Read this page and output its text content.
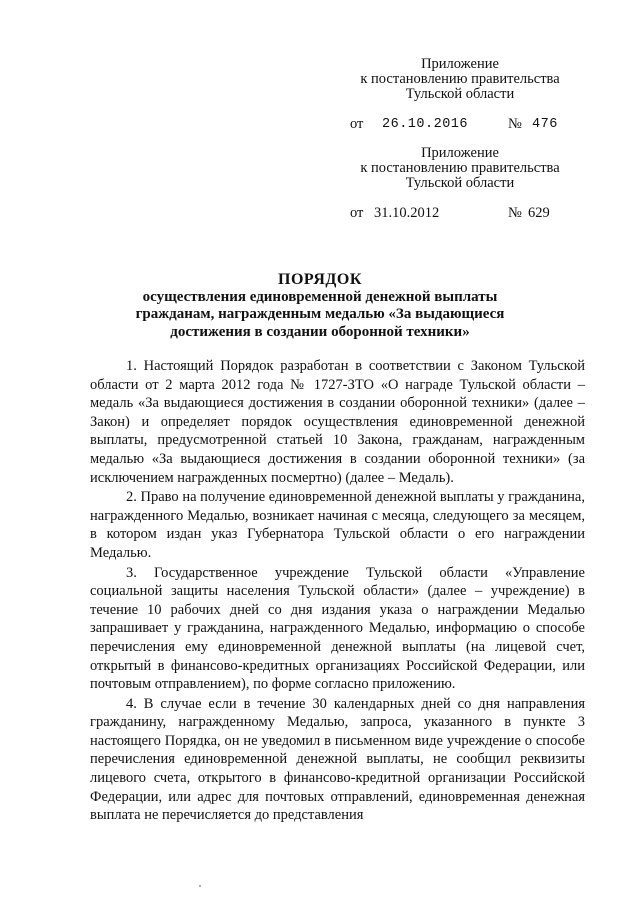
Приложение
к постановлению правительства
Тульской области
от 26.10.2016	№ 476
Приложение
к постановлению правительства
Тульской области
от 31.10.2012	№ 629
ПОРЯДОК
осуществления единовременной денежной выплаты
гражданам, награжденным медалью «За выдающиеся
достижения в создании оборонной техники»

1. Настоящий Порядок разработан в соответствии с Законом Тульской области от 2 марта 2012 года № 1727-ЗТО «О награде Тульской области – медаль «За выдающиеся достижения в создании оборонной техники» (далее – Закон) и определяет порядок осуществления единовременной денежной выплаты, предусмотренной статьей 10 Закона, гражданам, награжденным медалью «За выдающиеся достижения в создании оборонной техники» (за исключением награжденных посмертно) (далее – Медаль).

2. Право на получение единовременной денежной выплаты у гражданина, награжденного Медалью, возникает начиная с месяца, следующего за месяцем, в котором издан указ Губернатора Тульской области о его награждении Медалью.

3. Государственное учреждение Тульской области «Управление социальной защиты населения Тульской области» (далее – учреждение) в течение 10 рабочих дней со дня издания указа о награждении Медалью запрашивает у гражданина, награжденного Медалью, информацию о способе перечисления ему единовременной денежной выплаты (на лицевой счет, открытый в финансово-кредитных организациях Российской Федерации, или почтовым отправлением), по форме согласно приложению.

4. В случае если в течение 30 календарных дней со дня направления гражданину, награжденному Медалью, запроса, указанного в пункте 3 настоящего Порядка, он не уведомил в письменном виде учреждение о способе перечисления единовременной денежной выплаты, не сообщил реквизиты лицевого счета, открытого в финансово-кредитной организации Российской Федерации, или адрес для почтовых отправлений, единовременная денежная выплата не перечисляется до представления
